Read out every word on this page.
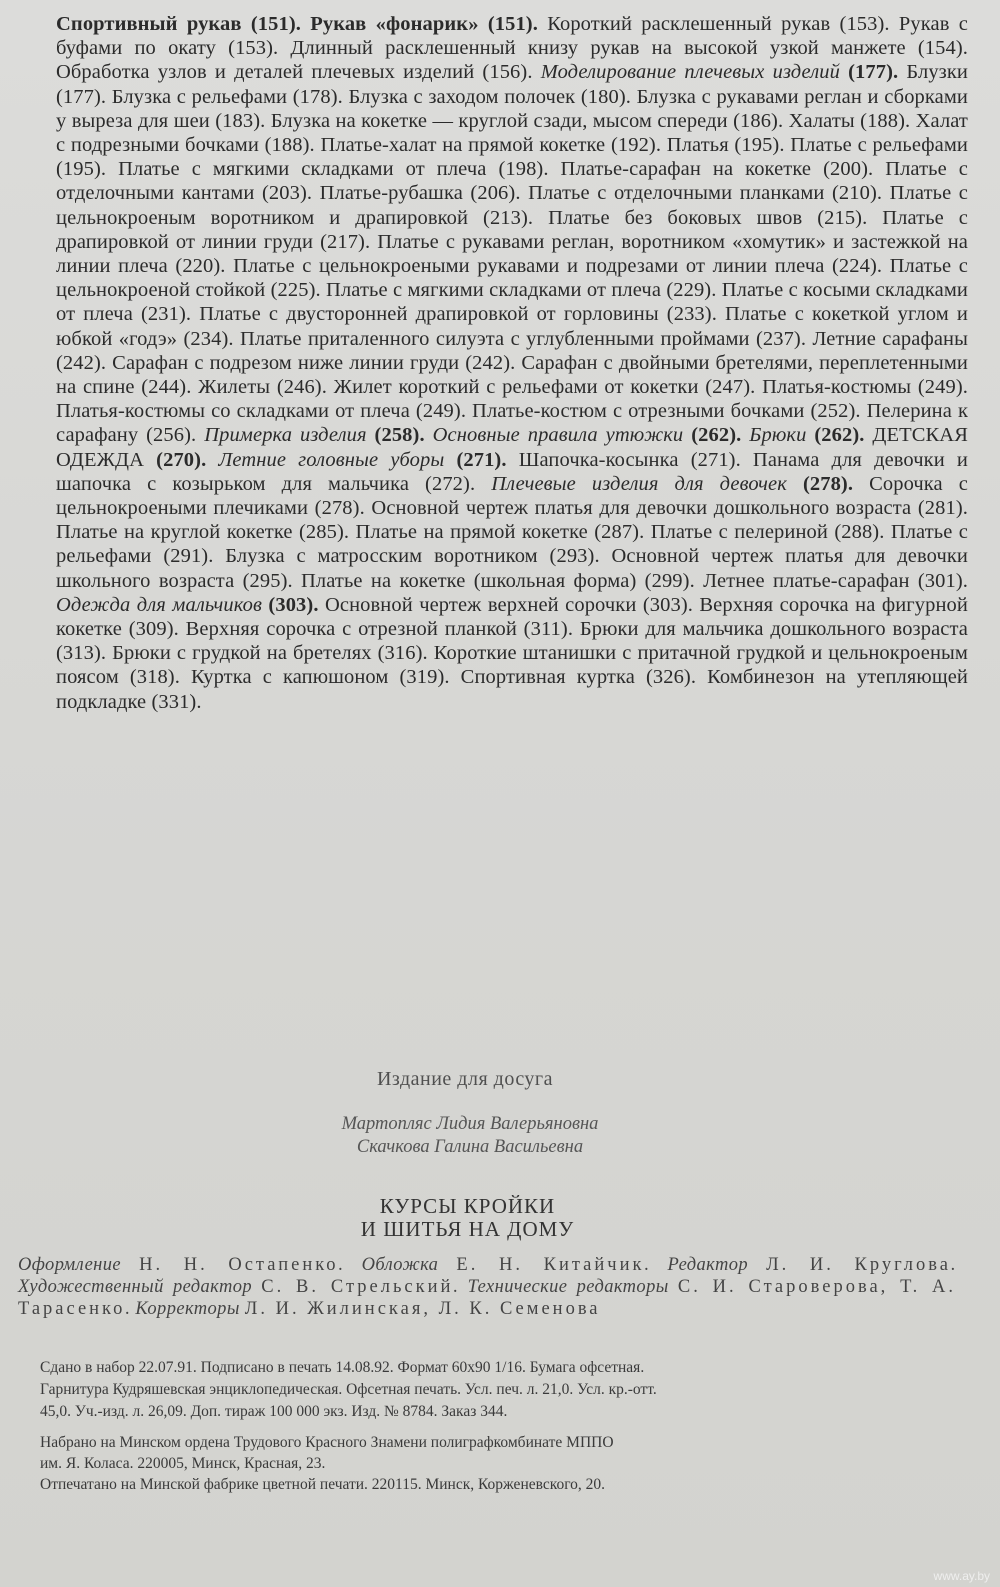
Спортивный рукав (151). Рукав «фонарик» (151). Короткий расклешенный рукав (153). Рукав с буфами по окату (153). Длинный расклешенный книзу рукав на высокой узкой манжете (154). Обработка узлов и деталей плечевых изделий (156). Моделирование плечевых изделий (177). Блузки (177). Блузка с рельефами (178). Блузка с заходом полочек (180). Блузка с рукавами реглан и сборками у выреза для шеи (183). Блузка на кокетке — круглой сзади, мысом спереди (186). Халаты (188). Халат с подрезными бочками (188). Платье-халат на прямой кокетке (192). Платья (195). Платье с рельефами (195). Платье с мягкими складками от плеча (198). Платье-сарафан на кокетке (200). Платье с отделочными кантами (203). Платье-рубашка (206). Платье с отделочными планками (210). Платье с цельнокроеным воротником и драпировкой (213). Платье без боковых швов (215). Платье с драпировкой от линии груди (217). Платье с рукавами реглан, воротником «хомутик» и застежкой на линии плеча (220). Платье с цельнокроеными рукавами и подрезами от линии плеча (224). Платье с цельнокроеной стойкой (225). Платье с мягкими складками от плеча (229). Платье с косыми складками от плеча (231). Платье с двусторонней драпировкой от горловины (233). Платье с кокеткой углом и юбкой «годэ» (234). Платье приталенного силуэта с углубленными проймами (237). Летние сарафаны (242). Сарафан с подрезом ниже линии груди (242). Сарафан с двойными бретелями, переплетенными на спине (244). Жилеты (246). Жилет короткий с рельефами от кокетки (247). Платья-костюмы (249). Платья-костюмы со складками от плеча (249). Платье-костюм с отрезными бочками (252). Пелерина к сарафану (256). Примерка изделия (258). Основные правила утюжки (262). Брюки (262). ДЕТСКАЯ ОДЕЖДА (270). Летние головные уборы (271). Шапочка-косынка (271). Панама для девочки и шапочка с козырьком для мальчика (272). Плечевые изделия для девочек (278). Сорочка с цельнокроеными плечиками (278). Основной чертеж платья для девочки дошкольного возраста (281). Платье на круглой кокетке (285). Платье на прямой кокетке (287). Платье с пелериной (288). Платье с рельефами (291). Блузка с матросским воротником (293). Основной чертеж платья для девочки школьного возраста (295). Платье на кокетке (школьная форма) (299). Летнее платье-сарафан (301). Одежда для мальчиков (303). Основной чертеж верхней сорочки (303). Верхняя сорочка на фигурной кокетке (309). Верхняя сорочка с отрезной планкой (311). Брюки для мальчика дошкольного возраста (313). Брюки с грудкой на бретелях (316). Короткие штанишки с притачной грудкой и цельнокроеным поясом (318). Куртка с капюшоном (319). Спортивная куртка (326). Комбинезон на утепляющей подкладке (331).
Издание для досуга
Мартопляс Лидия Валерьяновна
Скачкова Галина Васильевна
КУРСЫ КРОЙКИ
И ШИТЬЯ НА ДОМУ
Оформление Н. Н. Остапенко. Обложка Е. Н. Китайчик. Редактор Л. И. Круглова. Художественный редактор С. В. Стрельский. Технические редакторы С. И. Староверова, Т. А. Тарасенко. Корректоры Л. И. Жилинская, Л. К. Семенова

Сдано в набор 22.07.91. Подписано в печать 14.08.92. Формат 60х90 1/16. Бумага офсетная.

Гарнитура Кудряшевская энциклопедическая. Офсетная печать. Усл. печ. л. 21,0. Усл. кр.-отт.

45,0. Уч.-изд. л. 26,09. Доп. тираж 100 000 экз. Изд. № 8784. Заказ 344.

Набрано на Минском ордена Трудового Красного Знамени полиграфкомбинате МППО

им. Я. Коласа. 220005, Минск, Красная, 23.

Отпечатано на Минской фабрике цветной печати. 220115. Минск, Корженевского, 20.

www.ay.by
